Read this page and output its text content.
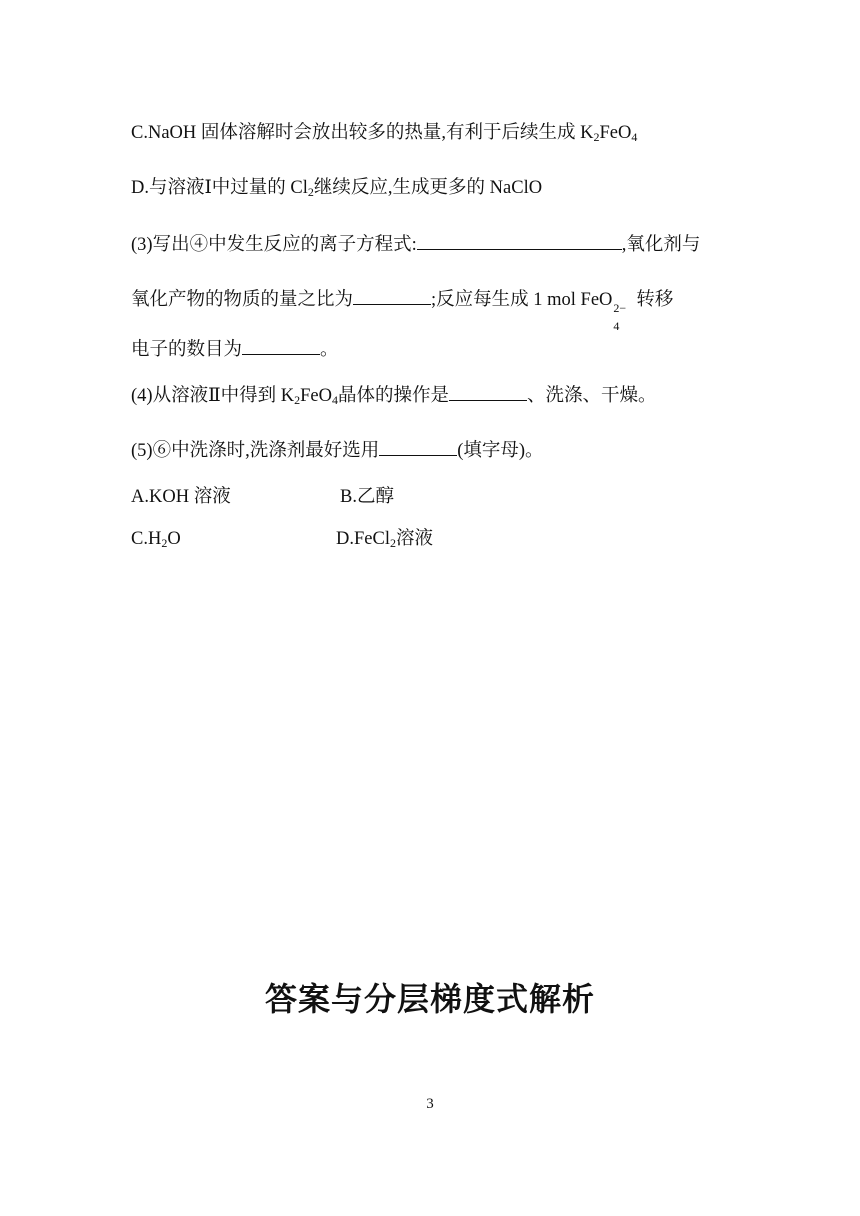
C.NaOH 固体溶解时会放出较多的热量,有利于后续生成 $K_2FeO_4$
D.与溶液Ⅰ中过量的 $Cl_2$继续反应,生成更多的 NaClO
(3)写出④中发生反应的离子方程式:	,氧化剂与
氧化产物的物质的量之比为	;反应每生成 1 mol FeO 2−
4
转移
电子的数目为	。
(4)从溶液Ⅱ中得到 $K_2FeO_4$晶体的操作是	、洗涤、干燥。
(5)⑥中洗涤时,洗涤剂最好选用	(填字母)。
A.KOH 溶液	B.乙醇
$C.H_2O$	D.FeCl$_2$溶液
答案与分层梯度式解析
3
